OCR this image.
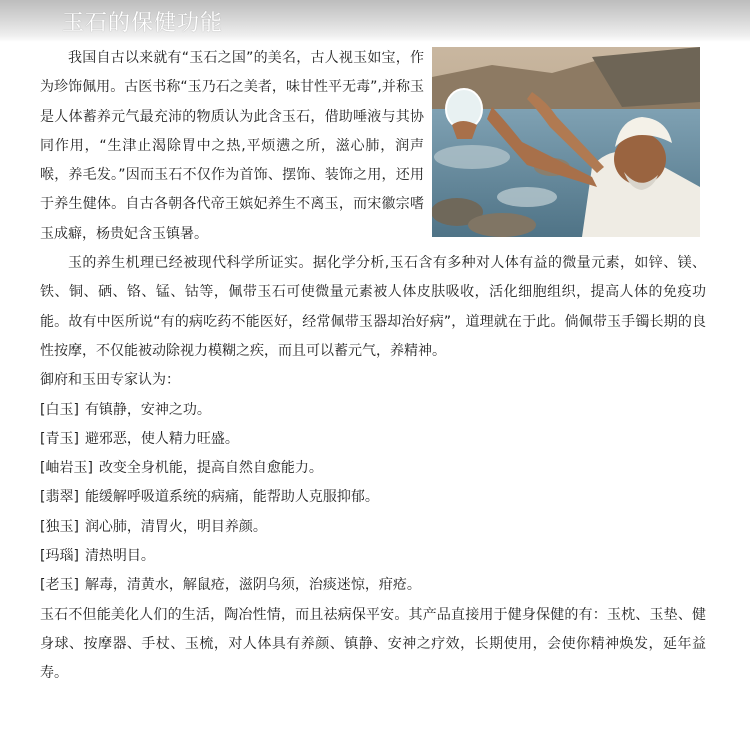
玉石的保健功能

我国自古以来就有“玉石之国”的美名，古人视玉如宝，作为珍饰佩用。古医书称“玉乃石之美者，味甘性平无毒”,并称玉是人体蓄养元气最充沛的物质认为此含玉石，借助唾液与其协同作用，“生津止渴除胃中之热,平烦懑之所，滋心肺，润声喉，养毛发。”因而玉石不仅作为首饰、摆饰、装饰之用，还用于养生健体。自古各朝各代帝王嫔妃养生不离玉，而宋徽宗嗜玉成癖，杨贵妃含玉镇暑。

玉的养生机理已经被现代科学所证实。据化学分析,玉石含有多种对人体有益的微量元素，如锌、镁、铁、铜、硒、铬、锰、钴等，佩带玉石可使微量元素被人体皮肤吸收，活化细胞组织，提高人体的免疫功能。故有中医所说“有的病吃药不能医好，经常佩带玉器却治好病”，道理就在于此。倘佩带玉手镯长期的良性按摩，不仅能被动除视力模糊之疾，而且可以蓄元气，养精神。

御府和玉田专家认为：

[白玉] 有镇静，安神之功。

[青玉] 避邪恶，使人精力旺盛。

[岫岩玉] 改变全身机能，提高自然自愈能力。

[翡翠] 能缓解呼吸道系统的病痛，能帮助人克服抑郁。

[独玉] 润心肺，清胃火，明目养颜。

[玛瑙] 清热明目。

[老玉] 解毒，清黄水，解鼠疮，滋阴乌须，治痰迷惊，疳疮。

玉石不但能美化人们的生活，陶冶性情，而且祛病保平安。其产品直接用于健身保健的有：玉枕、玉垫、健身球、按摩器、手杖、玉梳，对人体具有养颜、镇静、安神之疗效，长期使用，会使你精神焕发，延年益寿。
